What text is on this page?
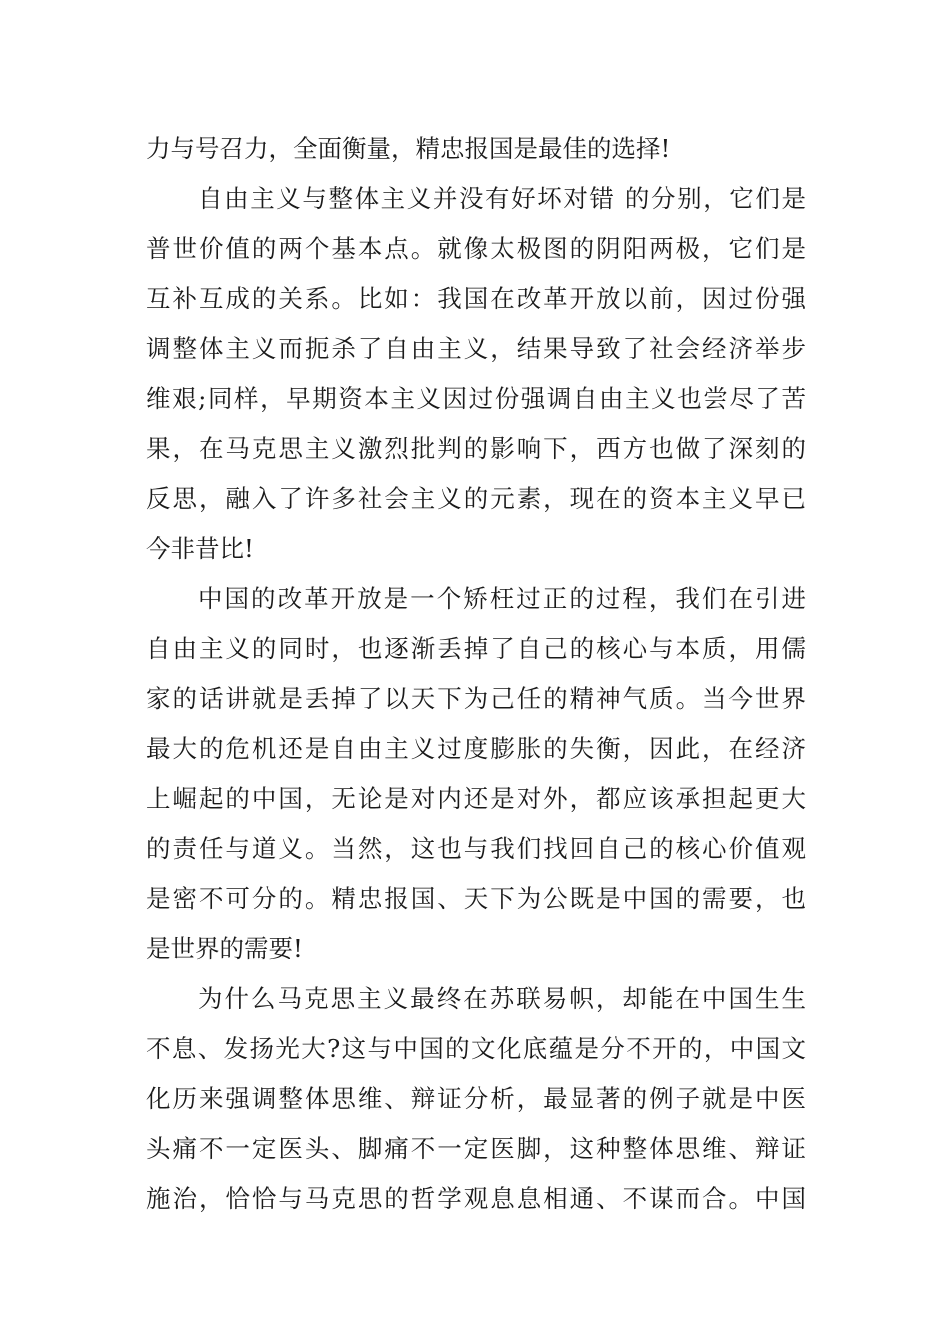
力与号召力，全面衡量，精忠报国是最佳的选择!
自由主义与整体主义并没有好坏对错 的分别，它们是
普世价值的两个基本点。就像太极图的阴阳两极，它们是
互补互成的关系。比如：我国在改革开放以前，因过份强
调整体主义而扼杀了自由主义，结果导致了社会经济举步
维艰;同样，早期资本主义因过份强调自由主义也尝尽了苦
果，在马克思主义激烈批判的影响下，西方也做了深刻的
反思，融入了许多社会主义的元素，现在的资本主义早已
今非昔比!
中国的改革开放是一个矫枉过正的过程，我们在引进
自由主义的同时，也逐渐丢掉了自己的核心与本质，用儒
家的话讲就是丢掉了以天下为己任的精神气质。当今世界
最大的危机还是自由主义过度膨胀的失衡，因此，在经济
上崛起的中国，无论是对内还是对外，都应该承担起更大
的责任与道义。当然，这也与我们找回自己的核心价值观
是密不可分的。精忠报国、天下为公既是中国的需要，也
是世界的需要!
为什么马克思主义最终在苏联易帜，却能在中国生生
不息、发扬光大?这与中国的文化底蕴是分不开的，中国文
化历来强调整体思维、辩证分析，最显著的例子就是中医
头痛不一定医头、脚痛不一定医脚，这种整体思维、辩证
施治，恰恰与马克思的哲学观息息相通、不谋而合。中国
